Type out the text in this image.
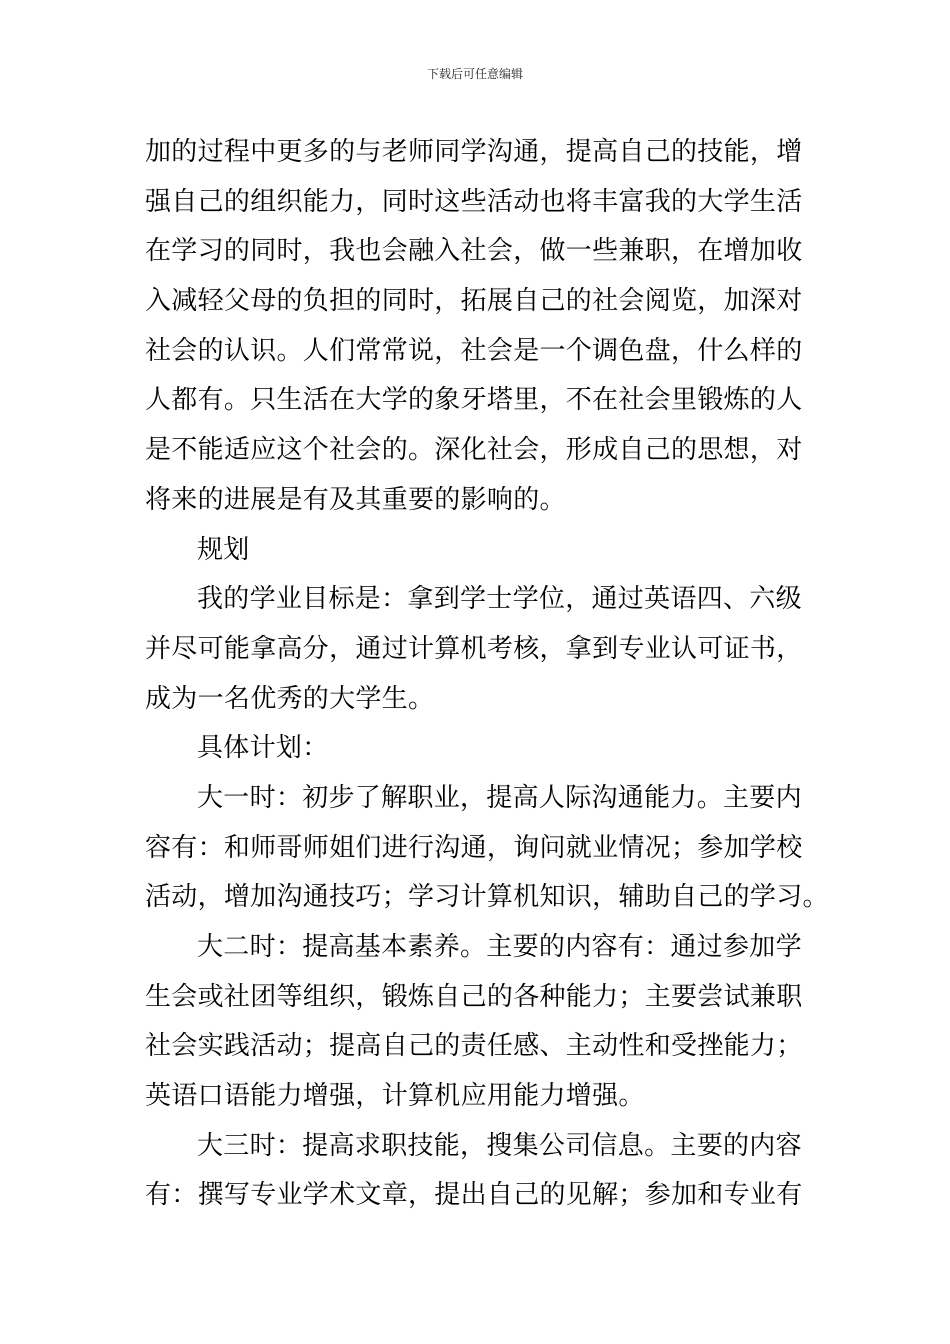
下载后可任意编辑
加的过程中更多的与老师同学沟通，提高自己的技能，增
强自己的组织能力，同时这些活动也将丰富我的大学生活
在学习的同时，我也会融入社会，做一些兼职，在增加收
入减轻父母的负担的同时，拓展自己的社会阅览，加深对
社会的认识。人们常常说，社会是一个调色盘，什么样的
人都有。只生活在大学的象牙塔里，不在社会里锻炼的人
是不能适应这个社会的。深化社会，形成自己的思想，对
将来的进展是有及其重要的影响的。
规划
我的学业目标是：拿到学士学位，通过英语四、六级
并尽可能拿高分，通过计算机考核，拿到专业认可证书，
成为一名优秀的大学生。
具体计划：
大一时：初步了解职业，提高人际沟通能力。主要内
容有：和师哥师姐们进行沟通，询问就业情况；参加学校
活动，增加沟通技巧；学习计算机知识，辅助自己的学习。
大二时：提高基本素养。主要的内容有：通过参加学
生会或社团等组织，锻炼自己的各种能力；主要尝试兼职
社会实践活动；提高自己的责任感、主动性和受挫能力；
英语口语能力增强，计算机应用能力增强。
大三时：提高求职技能，搜集公司信息。主要的内容
有：撰写专业学术文章，提出自己的见解；参加和专业有
